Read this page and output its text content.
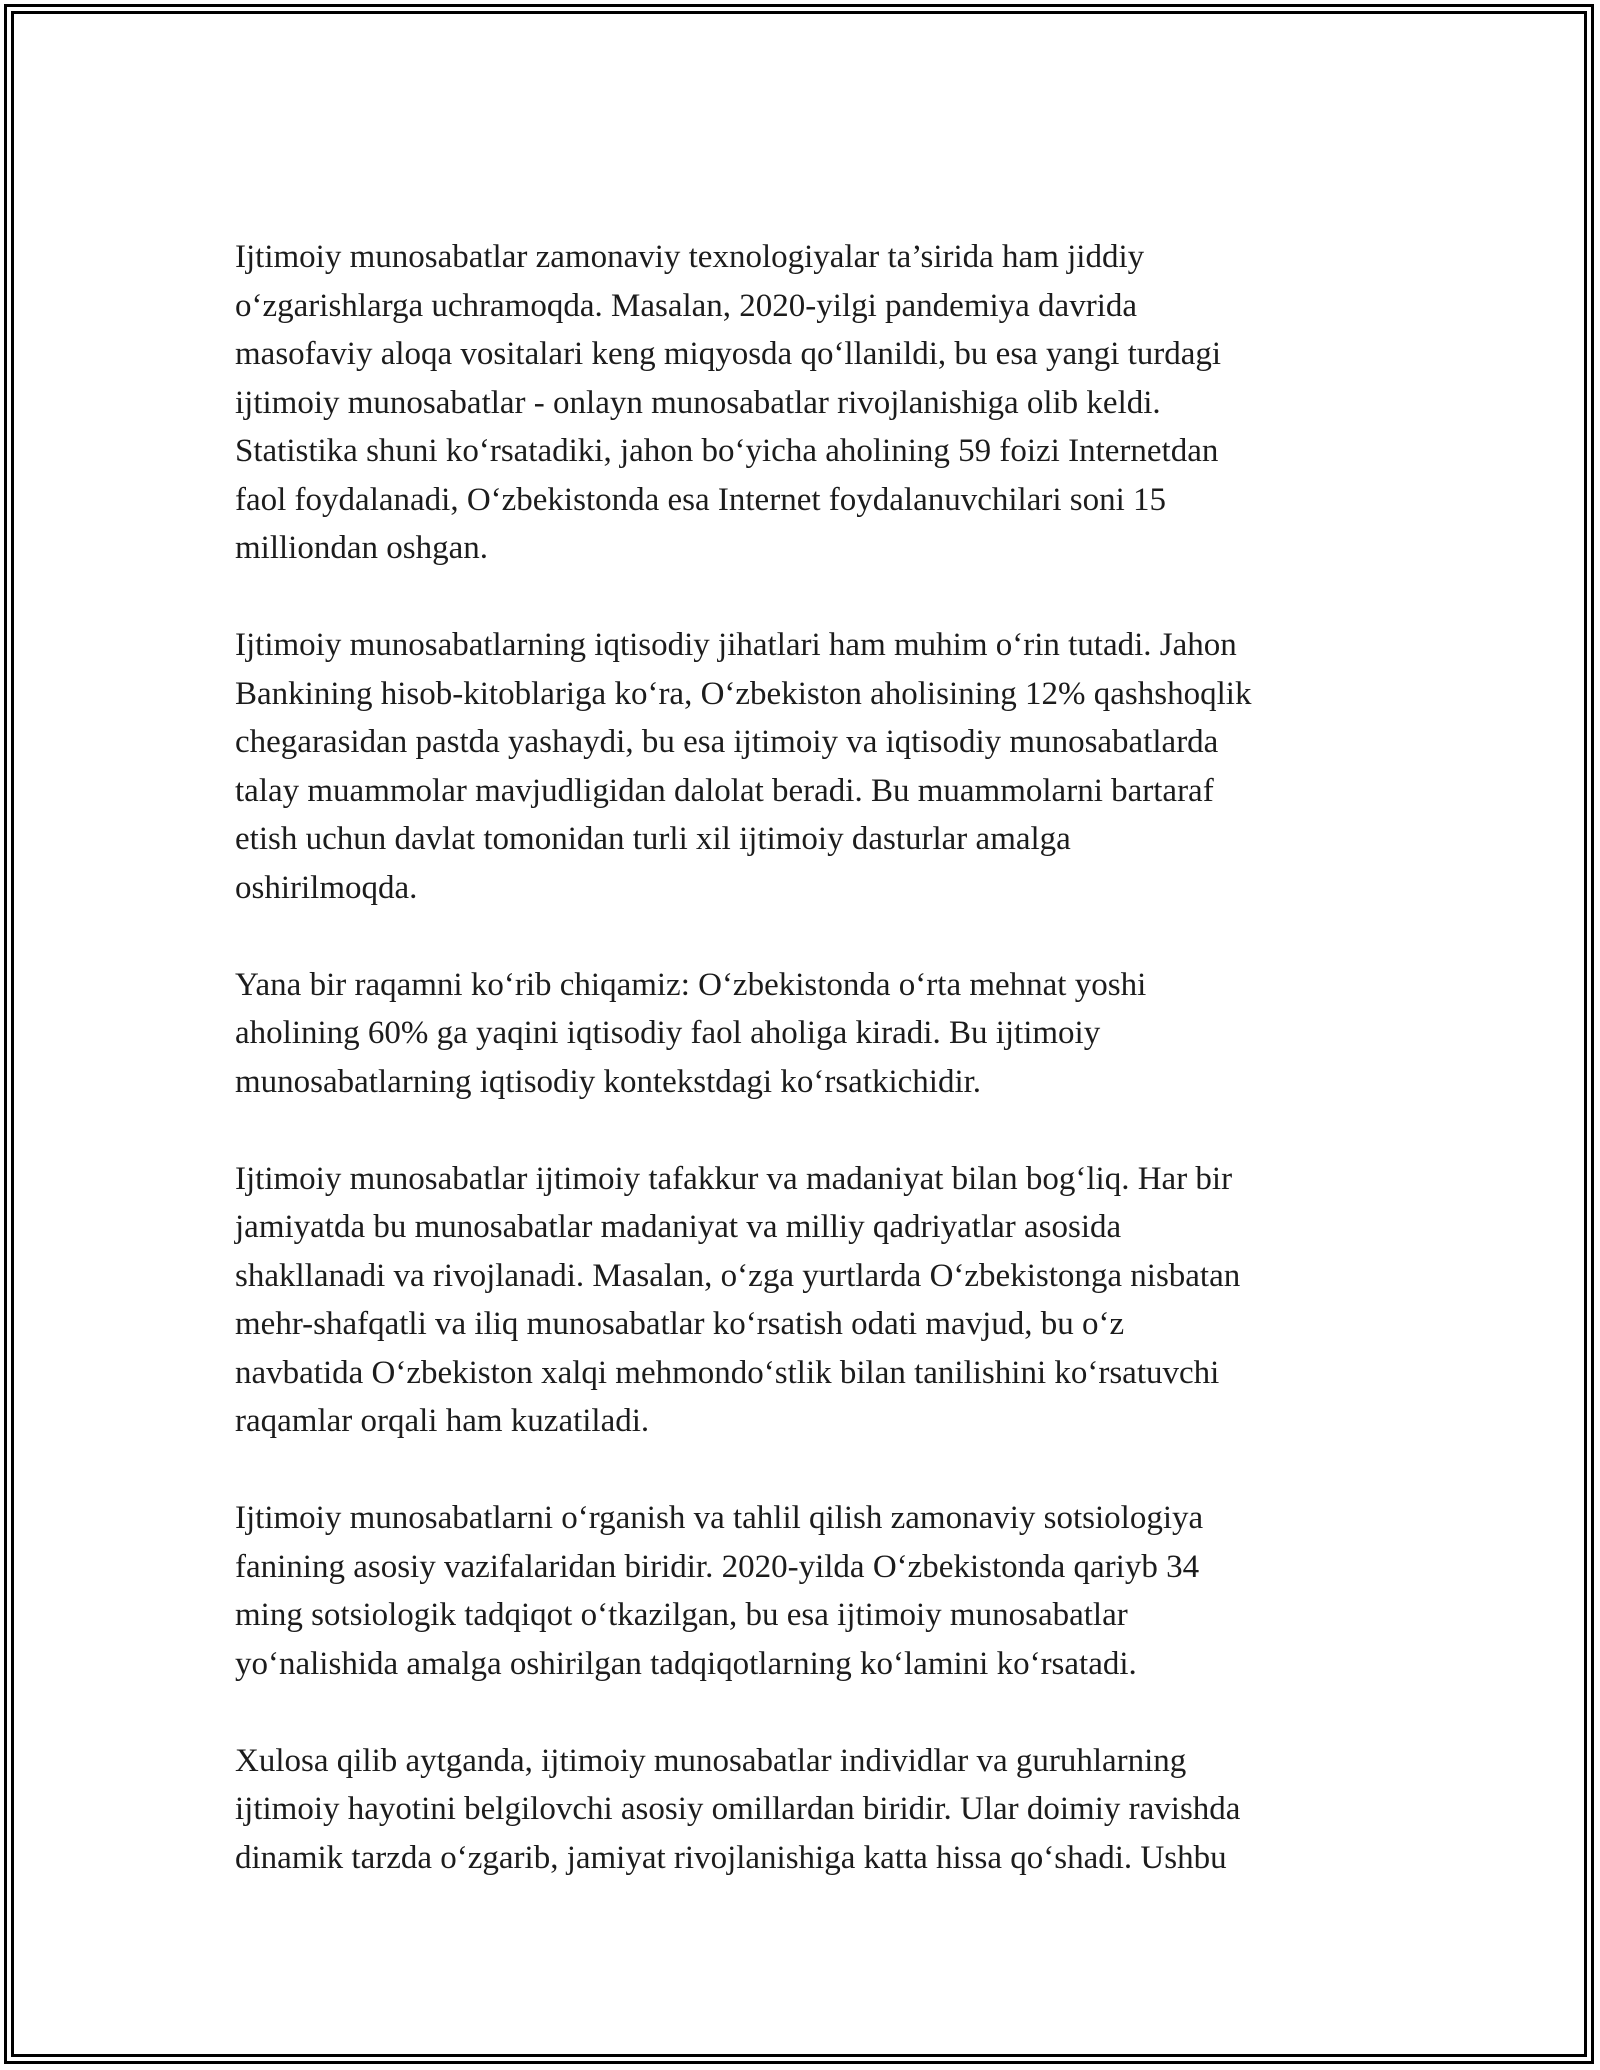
Ijtimoiy munosabatlar zamonaviy texnologiyalar ta’sirida ham jiddiy
o‘zgarishlarga uchramoqda. Masalan, 2020-yilgi pandemiya davrida
masofaviy aloqa vositalari keng miqyosda qo‘llanildi, bu esa yangi turdagi
ijtimoiy munosabatlar - onlayn munosabatlar rivojlanishiga olib keldi.
Statistika shuni ko‘rsatadiki, jahon bo‘yicha aholining 59 foizi Internetdan
faol foydalanadi, O‘zbekistonda esa Internet foydalanuvchilari soni 15
milliondan oshgan.

Ijtimoiy munosabatlarning iqtisodiy jihatlari ham muhim o‘rin tutadi. Jahon
Bankining hisob-kitoblariga ko‘ra, O‘zbekiston aholisining 12% qashshoqlik
chegarasidan pastda yashaydi, bu esa ijtimoiy va iqtisodiy munosabatlarda
talay muammolar mavjudligidan dalolat beradi. Bu muammolarni bartaraf
etish uchun davlat tomonidan turli xil ijtimoiy dasturlar amalga
oshirilmoqda.

Yana bir raqamni ko‘rib chiqamiz: O‘zbekistonda o‘rta mehnat yoshi
aholining 60% ga yaqini iqtisodiy faol aholiga kiradi. Bu ijtimoiy
munosabatlarning iqtisodiy kontekstdagi ko‘rsatkichidir.

Ijtimoiy munosabatlar ijtimoiy tafakkur va madaniyat bilan bog‘liq. Har bir
jamiyatda bu munosabatlar madaniyat va milliy qadriyatlar asosida
shakllanadi va rivojlanadi. Masalan, o‘zga yurtlarda O‘zbekistonga nisbatan
mehr-shafqatli va iliq munosabatlar ko‘rsatish odati mavjud, bu o‘z
navbatida O‘zbekiston xalqi mehmondo‘stlik bilan tanilishini ko‘rsatuvchi
raqamlar orqali ham kuzatiladi.

Ijtimoiy munosabatlarni o‘rganish va tahlil qilish zamonaviy sotsiologiya
fanining asosiy vazifalaridan biridir. 2020-yilda O‘zbekistonda qariyb 34
ming sotsiologik tadqiqot o‘tkazilgan, bu esa ijtimoiy munosabatlar
yo‘nalishida amalga oshirilgan tadqiqotlarning ko‘lamini ko‘rsatadi.

Xulosa qilib aytganda, ijtimoiy munosabatlar individlar va guruhlarning
ijtimoiy hayotini belgilovchi asosiy omillardan biridir. Ular doimiy ravishda
dinamik tarzda o‘zgarib, jamiyat rivojlanishiga katta hissa qo‘shadi. Ushbu
